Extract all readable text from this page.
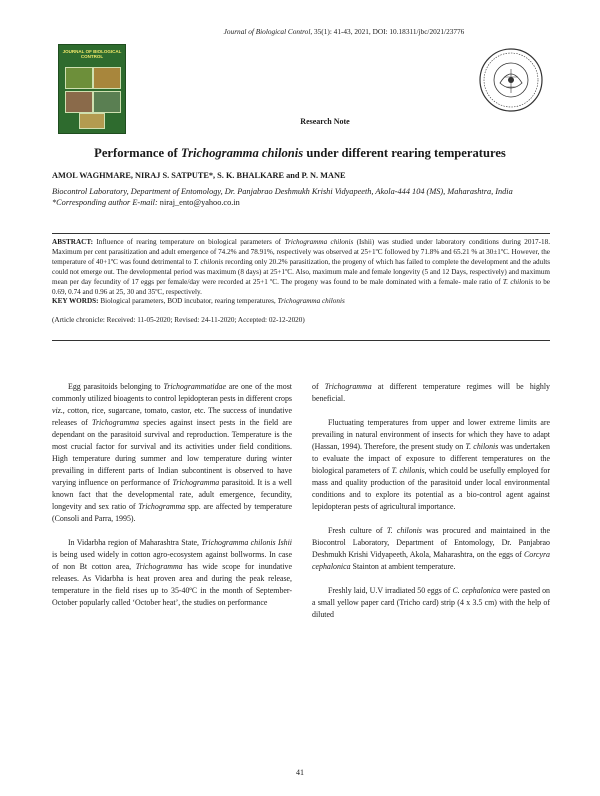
Journal of Biological Control, 35(1): 41-43, 2021, DOI: 10.18311/jbc/2021/23776
JOURNAL OF BIOLOGICAL CONTROL
Research Note
Performance of Trichogramma chilonis under different rearing temperatures
AMOL WAGHMARE, NIRAJ S. SATPUTE*, S. K. BHALKARE and P. N. MANE
Biocontrol Laboratory, Department of Entomology, Dr. Panjabrao Deshmukh Krishi Vidyapeeth, Akola-444 104 (MS), Maharashtra, India
*Corresponding author E-mail: niraj_ento@yahoo.co.in
ABSTRACT: Influence of rearing temperature on biological parameters of Trichogramma chilonis (Ishii) was studied under laboratory conditions during 2017-18. Maximum per cent parasitization and adult emergence of 74.2% and 78.91%, respectively was observed at 25+1ºC followed by 71.8% and 65.21 % at 30±1ºC. However, the temperature of 40+1ºC was found detrimental to T. chilonis recording only 20.2% parasitization, the progeny of which has failed to complete the development and the adults could not emerge out. The developmental period was maximum (8 days) at 25+1ºC. Also, maximum male and female longevity (5 and 12 Days, respectively) and maximum mean per day fecundity of 17 eggs per female/day were recorded at 25+1 ºC. The progeny was found to be male dominated with a female- male ratio of T. chilonis to be 0.69, 0.74 and 0.96 at 25, 30 and 35ºC, respectively.
KEY WORDS: Biological parameters, BOD incubator, rearing temperatures, Trichogramma chilonis
(Article chronicle: Received: 11-05-2020; Revised: 24-11-2020; Accepted: 02-12-2020)

Egg parasitoids belonging to Trichogrammatidae are one of the most commonly utilized bioagents to control lepidopteran pests in different crops viz., cotton, rice, sugarcane, tomato, castor, etc. The success of inundative releases of Trichogramma species against insect pests in the field are dependant on the parasitoid survival and reproduction. Temperature is the most crucial factor for survival and its activities under field conditions. High temperature during summer and low temperature during winter prevailing in different parts of Indian subcontinent is observed to have varying influence on performance of Trichogramma parasitoid. It is a well known fact that the developmental rate, adult emergence, fecundity, longevity and sex ratio of Trichogramma spp. are affected by temperature (Consoli and Parra, 1995).

In Vidarbha region of Maharashtra State, Trichogramma chilonis Ishii is being used widely in cotton agro-ecosystem against bollworms. In case of non Bt cotton area, Trichogramma has wide scope for inundative releases. As Vidarbha is heat proven area and during the peak release, temperature in the field rises up to 35-40ºC in the month of September-October popularly called ‘October heat’, the studies on performance

of Trichogramma at different temperature regimes will be highly beneficial.

Fluctuating temperatures from upper and lower extreme limits are prevailing in natural environment of insects for which they have to adapt (Hassan, 1994). Therefore, the present study on T. chilonis was undertaken to evaluate the impact of exposure to different temperatures on the biological parameters of T. chilonis, which could be usefully employed for mass and quality production of the parasitoid under local environmental conditions and to explore its potential as a bio-control agent against lepidopteran pests of agricultural importance.

Fresh culture of T. chilonis was procured and maintained in the Biocontrol Laboratory, Department of Entomology, Dr. Panjabrao Deshmukh Krishi Vidyapeeth, Akola, Maharashtra, on the eggs of Corcyra cephalonica Stainton at ambient temperature.

Freshly laid, U.V irradiated 50 eggs of C. cephalonica were pasted on a small yellow paper card (Tricho card) strip (4 x 3.5 cm) with the help of diluted

41
